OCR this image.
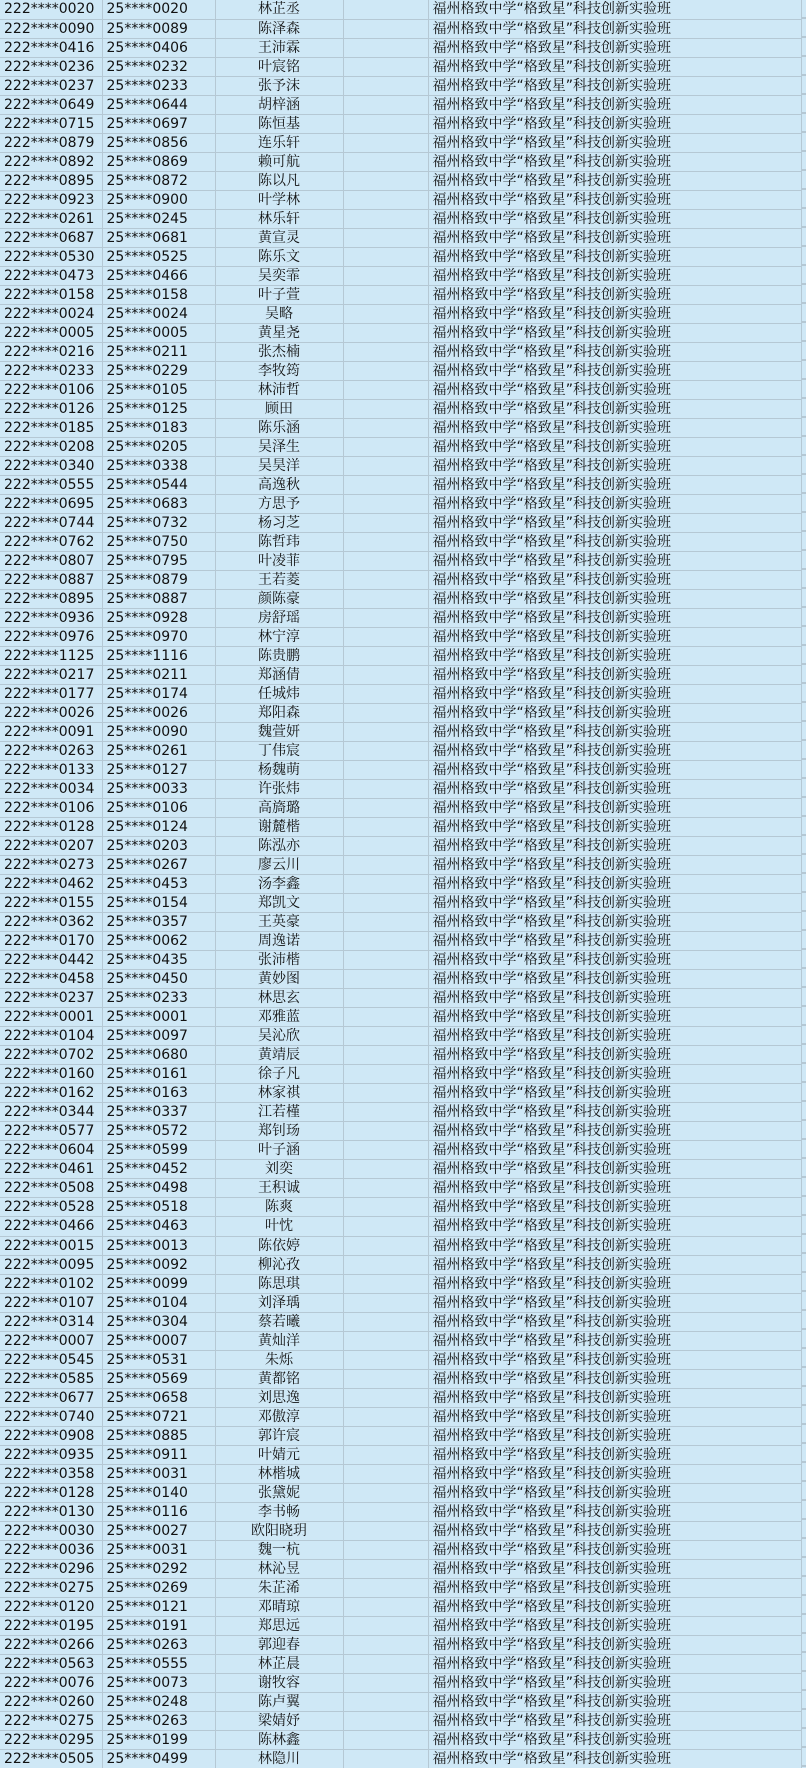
222****0020	25****0020	林芷丞		福州格致中学“格致星”科技创新实验班
222****0090	25****0089	陈泽森		福州格致中学“格致星”科技创新实验班
222****0416	25****0406	王沛霖		福州格致中学“格致星”科技创新实验班
222****0236	25****0232	叶宸铭		福州格致中学“格致星”科技创新实验班
222****0237	25****0233	张予沫		福州格致中学“格致星”科技创新实验班
222****0649	25****0644	胡梓涵		福州格致中学“格致星”科技创新实验班
222****0715	25****0697	陈恒基		福州格致中学“格致星”科技创新实验班
222****0879	25****0856	连乐轩		福州格致中学“格致星”科技创新实验班
222****0892	25****0869	赖可航		福州格致中学“格致星”科技创新实验班
222****0895	25****0872	陈以凡		福州格致中学“格致星”科技创新实验班
222****0923	25****0900	叶学林		福州格致中学“格致星”科技创新实验班
222****0261	25****0245	林乐轩		福州格致中学“格致星”科技创新实验班
222****0687	25****0681	黄宣灵		福州格致中学“格致星”科技创新实验班
222****0530	25****0525	陈乐文		福州格致中学“格致星”科技创新实验班
222****0473	25****0466	吴奕霏		福州格致中学“格致星”科技创新实验班
222****0158	25****0158	叶子萱		福州格致中学“格致星”科技创新实验班
222****0024	25****0024	吴略		福州格致中学“格致星”科技创新实验班
222****0005	25****0005	黄星尧		福州格致中学“格致星”科技创新实验班
222****0216	25****0211	张杰楠		福州格致中学“格致星”科技创新实验班
222****0233	25****0229	李牧筠		福州格致中学“格致星”科技创新实验班
222****0106	25****0105	林沛哲		福州格致中学“格致星”科技创新实验班
222****0126	25****0125	顾田		福州格致中学“格致星”科技创新实验班
222****0185	25****0183	陈乐涵		福州格致中学“格致星”科技创新实验班
222****0208	25****0205	吴泽生		福州格致中学“格致星”科技创新实验班
222****0340	25****0338	吴昊洋		福州格致中学“格致星”科技创新实验班
222****0555	25****0544	高逸秋		福州格致中学“格致星”科技创新实验班
222****0695	25****0683	方思予		福州格致中学“格致星”科技创新实验班
222****0744	25****0732	杨习芝		福州格致中学“格致星”科技创新实验班
222****0762	25****0750	陈哲玮		福州格致中学“格致星”科技创新实验班
222****0807	25****0795	叶凌菲		福州格致中学“格致星”科技创新实验班
222****0887	25****0879	王若菱		福州格致中学“格致星”科技创新实验班
222****0895	25****0887	颜陈豪		福州格致中学“格致星”科技创新实验班
222****0936	25****0928	房舒瑶		福州格致中学“格致星”科技创新实验班
222****0976	25****0970	林宁淳		福州格致中学“格致星”科技创新实验班
222****1125	25****1116	陈贵鹏		福州格致中学“格致星”科技创新实验班
222****0217	25****0211	郑涵倩		福州格致中学“格致星”科技创新实验班
222****0177	25****0174	任城炜		福州格致中学“格致星”科技创新实验班
222****0026	25****0026	郑阳森		福州格致中学“格致星”科技创新实验班
222****0091	25****0090	魏萱妍		福州格致中学“格致星”科技创新实验班
222****0263	25****0261	丁伟宸		福州格致中学“格致星”科技创新实验班
222****0133	25****0127	杨魏萌		福州格致中学“格致星”科技创新实验班
222****0034	25****0033	许张炜		福州格致中学“格致星”科技创新实验班
222****0106	25****0106	高旖璐		福州格致中学“格致星”科技创新实验班
222****0128	25****0124	谢麓楷		福州格致中学“格致星”科技创新实验班
222****0207	25****0203	陈泓亦		福州格致中学“格致星”科技创新实验班
222****0273	25****0267	廖云川		福州格致中学“格致星”科技创新实验班
222****0462	25****0453	汤李鑫		福州格致中学“格致星”科技创新实验班
222****0155	25****0154	郑凯文		福州格致中学“格致星”科技创新实验班
222****0362	25****0357	王英豪		福州格致中学“格致星”科技创新实验班
222****0170	25****0062	周逸诺		福州格致中学“格致星”科技创新实验班
222****0442	25****0435	张沛楷		福州格致中学“格致星”科技创新实验班
222****0458	25****0450	黄妙图		福州格致中学“格致星”科技创新实验班
222****0237	25****0233	林思玄		福州格致中学“格致星”科技创新实验班
222****0001	25****0001	邓雅蓝		福州格致中学“格致星”科技创新实验班
222****0104	25****0097	吴沁欣		福州格致中学“格致星”科技创新实验班
222****0702	25****0680	黄靖辰		福州格致中学“格致星”科技创新实验班
222****0160	25****0161	徐子凡		福州格致中学“格致星”科技创新实验班
222****0162	25****0163	林家祺		福州格致中学“格致星”科技创新实验班
222****0344	25****0337	江若槿		福州格致中学“格致星”科技创新实验班
222****0577	25****0572	郑钊玚		福州格致中学“格致星”科技创新实验班
222****0604	25****0599	叶子涵		福州格致中学“格致星”科技创新实验班
222****0461	25****0452	刘奕		福州格致中学“格致星”科技创新实验班
222****0508	25****0498	王积诚		福州格致中学“格致星”科技创新实验班
222****0528	25****0518	陈爽		福州格致中学“格致星”科技创新实验班
222****0466	25****0463	叶忱		福州格致中学“格致星”科技创新实验班
222****0015	25****0013	陈依婷		福州格致中学“格致星”科技创新实验班
222****0095	25****0092	柳沁孜		福州格致中学“格致星”科技创新实验班
222****0102	25****0099	陈思琪		福州格致中学“格致星”科技创新实验班
222****0107	25****0104	刘泽瑀		福州格致中学“格致星”科技创新实验班
222****0314	25****0304	蔡若曦		福州格致中学“格致星”科技创新实验班
222****0007	25****0007	黄灿洋		福州格致中学“格致星”科技创新实验班
222****0545	25****0531	朱烁		福州格致中学“格致星”科技创新实验班
222****0585	25****0569	黄都铭		福州格致中学“格致星”科技创新实验班
222****0677	25****0658	刘思逸		福州格致中学“格致星”科技创新实验班
222****0740	25****0721	邓傲淳		福州格致中学“格致星”科技创新实验班
222****0908	25****0885	郭许宸		福州格致中学“格致星”科技创新实验班
222****0935	25****0911	叶婧元		福州格致中学“格致星”科技创新实验班
222****0358	25****0031	林楷城		福州格致中学“格致星”科技创新实验班
222****0128	25****0140	张黛妮		福州格致中学“格致星”科技创新实验班
222****0130	25****0116	李书畅		福州格致中学“格致星”科技创新实验班
222****0030	25****0027	欧阳晓玥		福州格致中学“格致星”科技创新实验班
222****0036	25****0031	魏一杭		福州格致中学“格致星”科技创新实验班
222****0296	25****0292	林沁昱		福州格致中学“格致星”科技创新实验班
222****0275	25****0269	朱芷浠		福州格致中学“格致星”科技创新实验班
222****0120	25****0121	邓晴琼		福州格致中学“格致星”科技创新实验班
222****0195	25****0191	郑思远		福州格致中学“格致星”科技创新实验班
222****0266	25****0263	郭迎春		福州格致中学“格致星”科技创新实验班
222****0563	25****0555	林芷晨		福州格致中学“格致星”科技创新实验班
222****0076	25****0073	谢牧容		福州格致中学“格致星”科技创新实验班
222****0260	25****0248	陈卢翼		福州格致中学“格致星”科技创新实验班
222****0275	25****0263	梁婧妤		福州格致中学“格致星”科技创新实验班
222****0295	25****0199	陈林鑫		福州格致中学“格致星”科技创新实验班
222****0505	25****0499	林隐川		福州格致中学“格致星”科技创新实验班
